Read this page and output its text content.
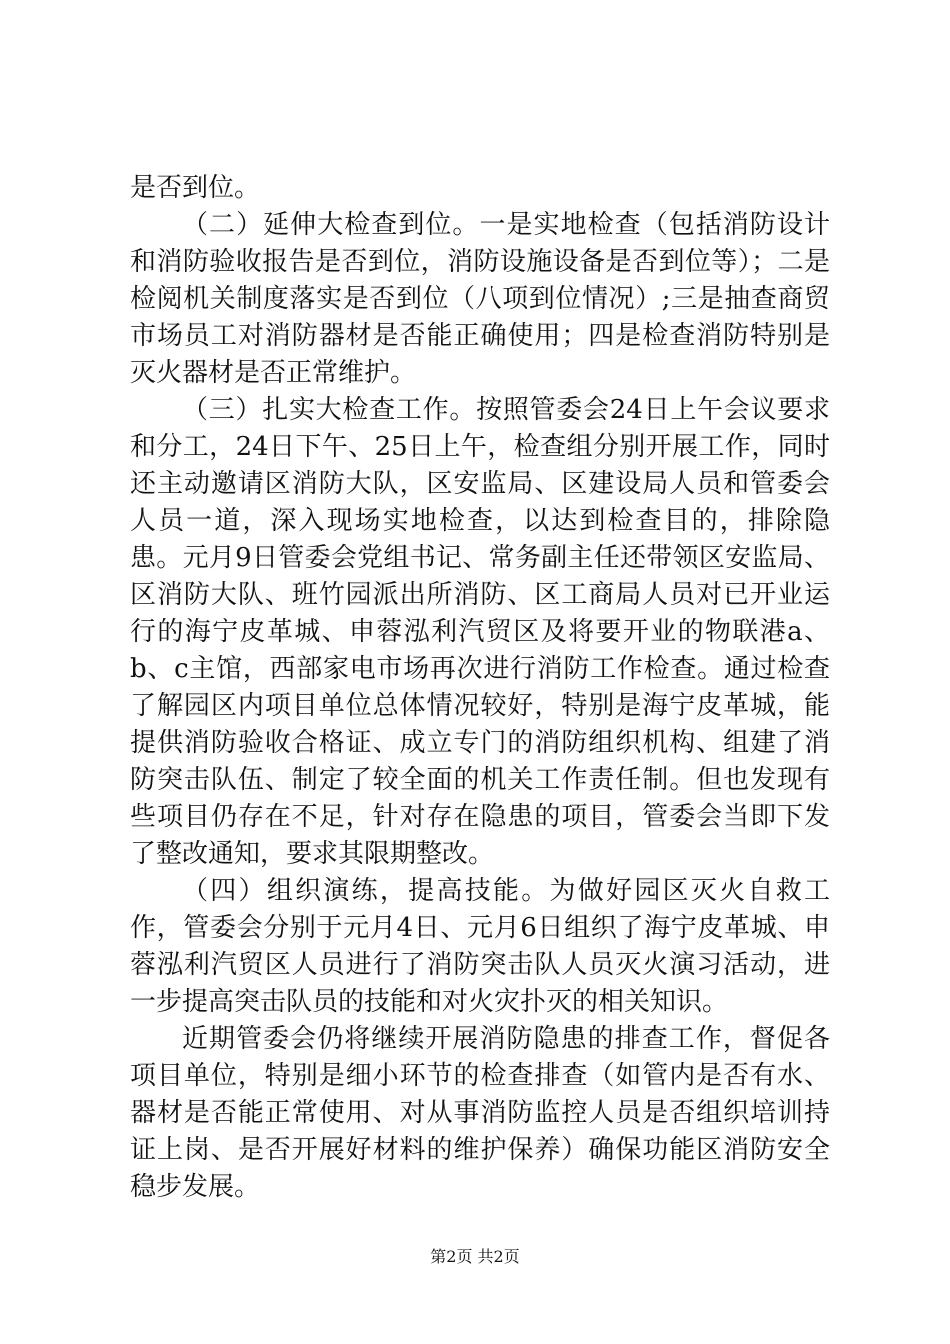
是否到位。

（二）延伸大检查到位。一是实地检查（包括消防设计和消防验收报告是否到位，消防设施设备是否到位等）；二是检阅机关制度落实是否到位（八项到位情况）;三是抽查商贸市场员工对消防器材是否能正确使用；四是检查消防特别是灭火器材是否正常维护。

（三）扎实大检查工作。按照管委会24日上午会议要求和分工，24日下午、25日上午，检查组分别开展工作，同时还主动邀请区消防大队，区安监局、区建设局人员和管委会人员一道，深入现场实地检查，以达到检查目的，排除隐患。元月9日管委会党组书记、常务副主任还带领区安监局、区消防大队、班竹园派出所消防、区工商局人员对已开业运行的海宁皮革城、申蓉泓利汽贸区及将要开业的物联港a、b、c主馆，西部家电市场再次进行消防工作检查。通过检查了解园区内项目单位总体情况较好，特别是海宁皮革城，能提供消防验收合格证、成立专门的消防组织机构、组建了消防突击队伍、制定了较全面的机关工作责任制。但也发现有些项目仍存在不足，针对存在隐患的项目，管委会当即下发了整改通知，要求其限期整改。

（四）组织演练，提高技能。为做好园区灭火自救工作，管委会分别于元月4日、元月6日组织了海宁皮革城、申蓉泓利汽贸区人员进行了消防突击队人员灭火演习活动，进一步提高突击队员的技能和对火灾扑灭的相关知识。

近期管委会仍将继续开展消防隐患的排查工作，督促各项目单位，特别是细小环节的检查排查（如管内是否有水、器材是否能正常使用、对从事消防监控人员是否组织培训持证上岗、是否开展好材料的维护保养）确保功能区消防安全稳步发展。

第2页 共2页
